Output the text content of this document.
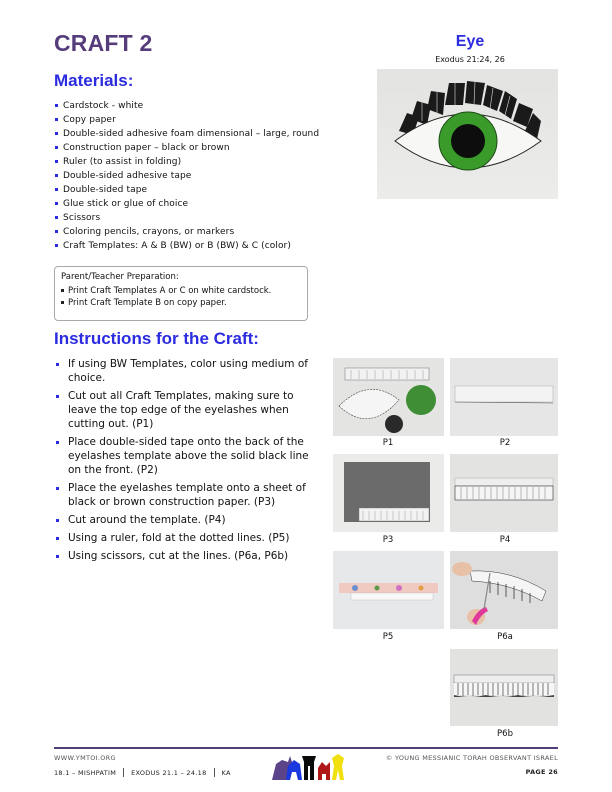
CRAFT 2
Materials:
Cardstock - white
Copy paper
Double-sided adhesive foam dimensional – large, round
Construction paper – black or brown
Ruler (to assist in folding)
Double-sided adhesive tape
Double-sided tape
Glue stick or glue of choice
Scissors
Coloring pencils, crayons, or markers
Craft Templates: A & B (BW) or B (BW) & C (color)
Parent/Teacher Preparation:
Print Craft Templates A or C on white cardstock.
Print Craft Template B on copy paper.
Instructions for the Craft:
If using BW Templates, color using medium of choice.
Cut out all Craft Templates, making sure to leave the top edge of the eyelashes when cutting out. (P1)
Place double-sided tape onto the back of the eyelashes template above the solid black line on the front. (P2)
Place the eyelashes template onto a sheet of black or brown construction paper. (P3)
Cut around the template. (P4)
Using a ruler, fold at the dotted lines. (P5)
Using scissors, cut at the lines. (P6a, P6b)
Eye
Exodus 21:24, 26
P1	P2
P3	P4
P5	P6a
P6b
WWW.YMTOI.ORG
18.1 – MISHPATIM EXODUS 21.1 – 24.18 KA
© YOUNG MESSIANIC TORAH OBSERVANT ISRAEL
PAGE 26
